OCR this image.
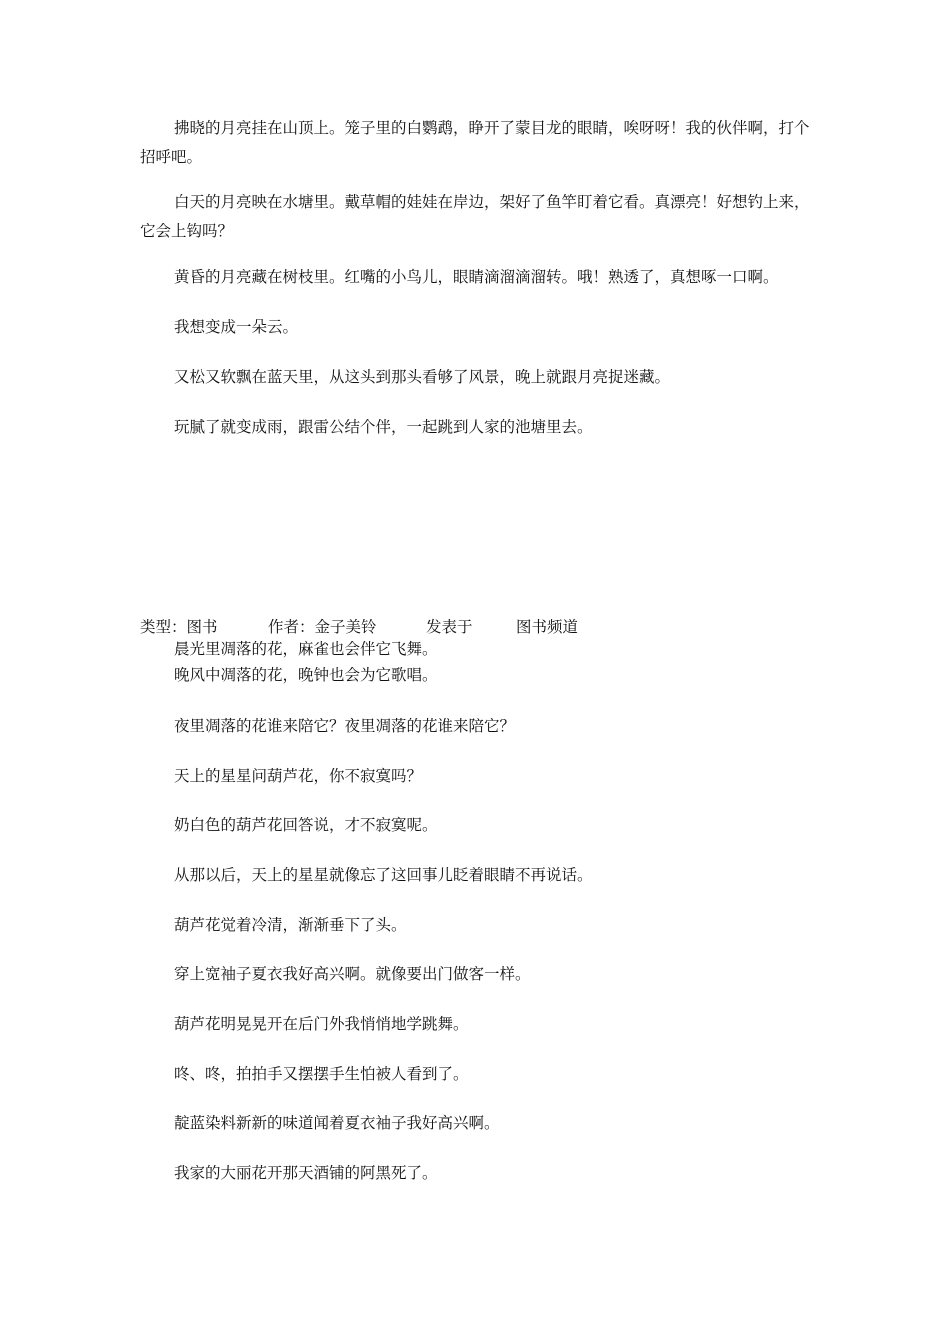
拂晓的月亮挂在山顶上。笼子里的白鹦鹉，睁开了蒙目龙的眼睛，唉呀呀！我的伙伴啊，打个招呼吧。

白天的月亮映在水塘里。戴草帽的娃娃在岸边，架好了鱼竿盯着它看。真漂亮！好想钓上来，它会上钩吗？

黄昏的月亮藏在树枝里。红嘴的小鸟儿，眼睛滴溜滴溜转。哦！熟透了，真想啄一口啊。

我想变成一朵云。

又松又软飘在蓝天里，从这头到那头看够了风景，晚上就跟月亮捉迷藏。

玩腻了就变成雨，跟雷公结个伴，一起跳到人家的池塘里去。

类型：图书	作者：金子美铃	发表于	图书频道
晨光里凋落的花，麻雀也会伴它飞舞。
晚风中凋落的花，晚钟也会为它歌唱。

夜里凋落的花谁来陪它？夜里凋落的花谁来陪它？

天上的星星问葫芦花，你不寂寞吗？

奶白色的葫芦花回答说，才不寂寞呢。

从那以后，天上的星星就像忘了这回事儿眨着眼睛不再说话。

葫芦花觉着冷清，渐渐垂下了头。

穿上宽袖子夏衣我好高兴啊。就像要出门做客一样。

葫芦花明晃晃开在后门外我悄悄地学跳舞。

咚、咚，拍拍手又摆摆手生怕被人看到了。

靛蓝染料新新的味道闻着夏衣袖子我好高兴啊。

我家的大丽花开那天酒铺的阿黑死了。
